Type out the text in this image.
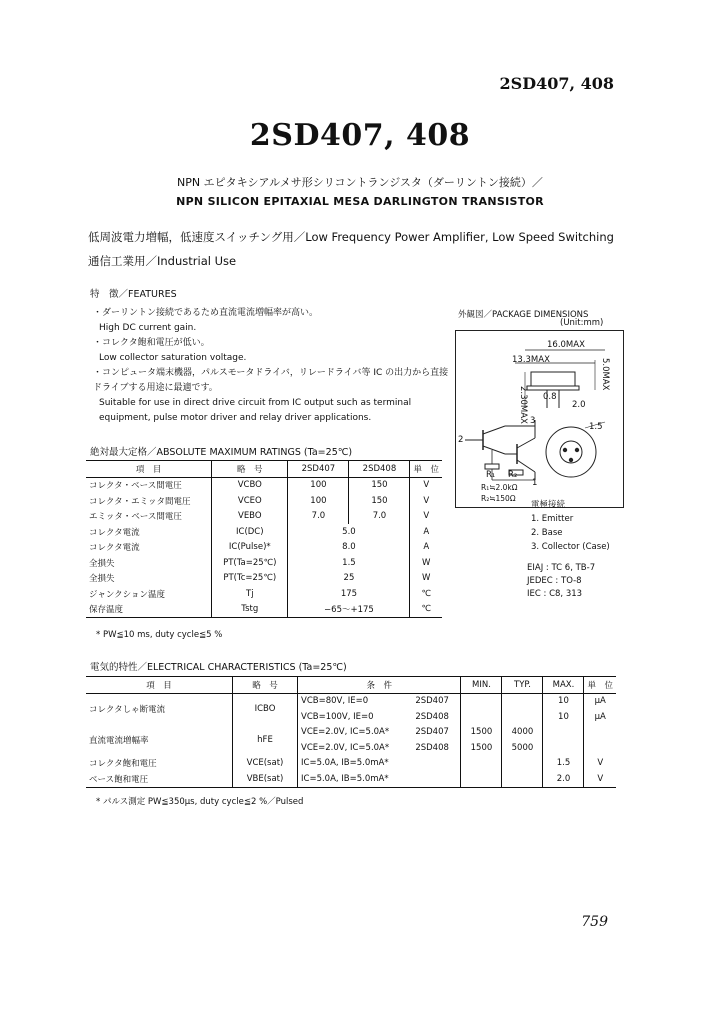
2SD407, 408
2SD407, 408
NPN エピタキシアルメサ形シリコントランジスタ（ダーリントン接続）／
NPN SILICON EPITAXIAL MESA DARLINGTON TRANSISTOR
低周波電力増幅，低速度スイッチング用／Low Frequency Power Amplifier, Low Speed Switching
通信工業用／Industrial Use
特　徴／FEATURES
・ダーリントン接続であるため直流電流増幅率が高い。
High DC current gain.
・コレクタ飽和電圧が低い。
Low collector saturation voltage.
・コンピュータ端末機器，パルスモータドライバ，リレードライバ等 IC の出力から直接ドライブする用途に最適です。
Suitable for use in direct drive circuit from IC output such as terminal
equipment, pulse motor driver and relay driver applications.
外観図／PACKAGE DIMENSIONS
(Unit:mm)
16.0MAX
13.3MAX	5.0MAX
2.30MAX 0.8
2.0
1.5
3
2
1
R₁ R₂
R₁≒2.0kΩ
R₂≒150Ω
電極接続
1. Emitter
2. Base
3. Collector (Case)
EIAJ : TC 6, TB-7
JEDEC : TO-8
IEC : C8, 313
絶対最大定格／ABSOLUTE MAXIMUM RATINGS (Ta=25℃)
項　目	略　号	2SD407	2SD408	単　位
コレクタ・ベース間電圧	VCBO	100	150	V
コレクタ・エミッタ間電圧	VCEO	100	150	V
エミッタ・ベース間電圧	VEBO	7.0	7.0	V
コレクタ電流	IC(DC)	5.0		A
コレクタ電流	IC(Pulse)*	8.0		A
全損失	PT(Ta=25℃)	1.5		W
全損失	PT(Tc=25℃)	25		W
ジャンクション温度	Tj	175		℃
保存温度	Tstg	−65〜+175		℃
* PW≦10 ms, duty cycle≦5 %
電気的特性／ELECTRICAL CHARACTERISTICS (Ta=25℃)
項　目	略　号	条　件		MIN.	TYP.	MAX.	単　位
コレクタしゃ断電流	ICBO	VCB=80V, IE=0	2SD407			10	μA
		VCB=100V, IE=0	2SD408			10	μA
直流電流増幅率	hFE	VCE=2.0V, IC=5.0A*	2SD407	1500	4000		
		VCE=2.0V, IC=5.0A*	2SD408	1500	5000		
コレクタ飽和電圧	VCE(sat)	IC=5.0A, IB=5.0mA*				1.5	V
ベース飽和電圧	VBE(sat)	IC=5.0A, IB=5.0mA*				2.0	V
* パルス測定 PW≦350μs, duty cycle≦2 %／Pulsed
759
